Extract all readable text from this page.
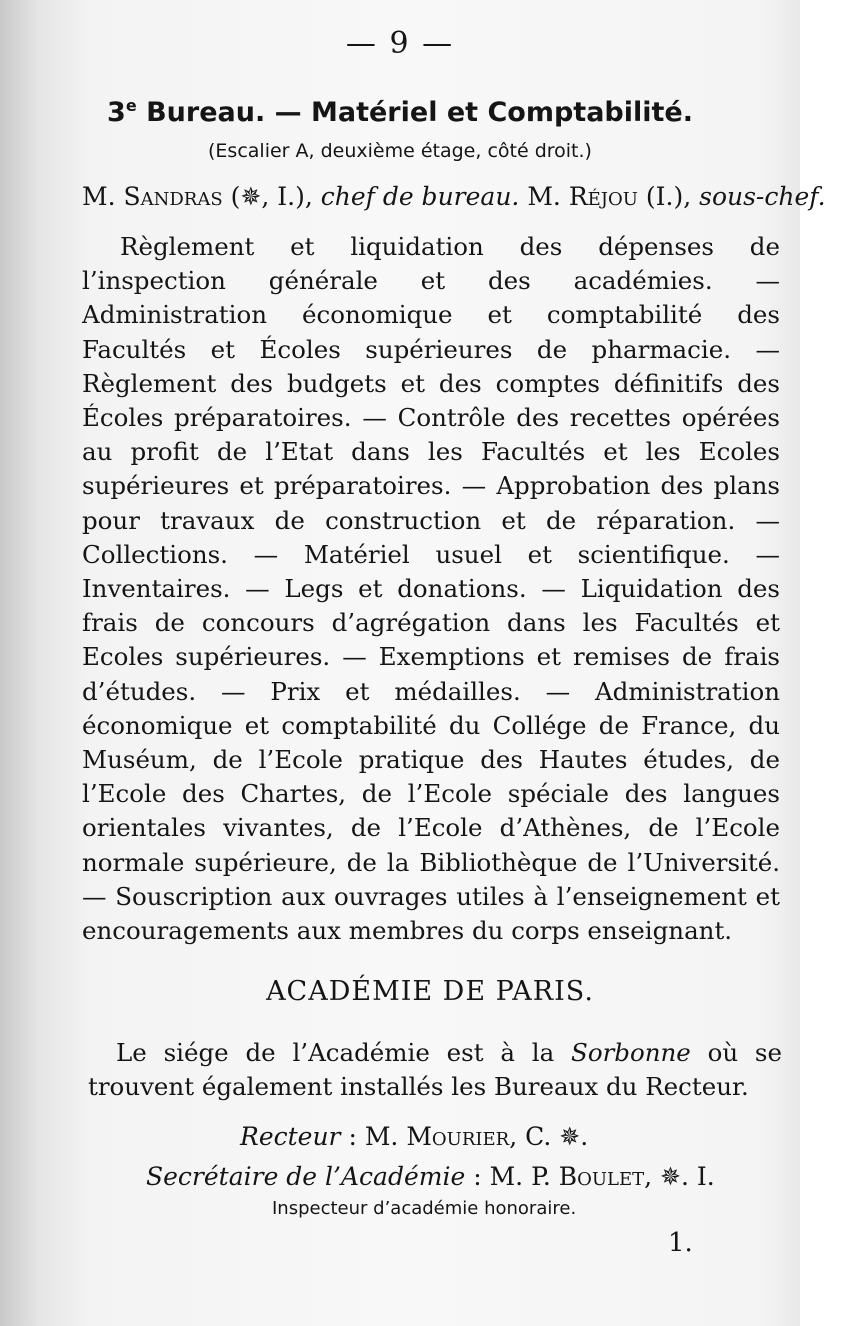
— 9 —
3e Bureau. — Matériel et Comptabilité.
(Escalier A, deuxième étage, côté droit.)
M. Sandras (✵, I.), chef de bureau. M. Réjou (I.), sous-chef.

Règlement et liquidation des dépenses de l’inspection générale et des académies. — Administration économique et comptabilité des Facultés et Écoles supérieures de pharmacie. — Règlement des budgets et des comptes définitifs des Écoles préparatoires. — Contrôle des recettes opérées au profit de l’Etat dans les Facultés et les Ecoles supérieures et préparatoires. — Approbation des plans pour travaux de construction et de réparation. — Collections. — Matériel usuel et scientifique. — Inventaires. — Legs et donations. — Liquidation des frais de concours d’agrégation dans les Facultés et Ecoles supérieures. — Exemptions et remises de frais d’études. — Prix et médailles. — Administration économique et comptabilité du Collége de France, du Muséum, de l’Ecole pratique des Hautes études, de l’Ecole des Chartes, de l’Ecole spéciale des langues orientales vivantes, de l’Ecole d’Athènes, de l’Ecole normale supérieure, de la Bibliothèque de l’Université. — Souscription aux ouvrages utiles à l’enseignement et encouragements aux membres du corps enseignant.

ACADÉMIE DE PARIS.

Le siége de l’Académie est à la Sorbonne où se trouvent également installés les Bureaux du Recteur.

Recteur : M. Mourier, C. ✵.
Secrétaire de l’Académie : M. P. Boulet, ✵. I.
Inspecteur d’académie honoraire.
1.
